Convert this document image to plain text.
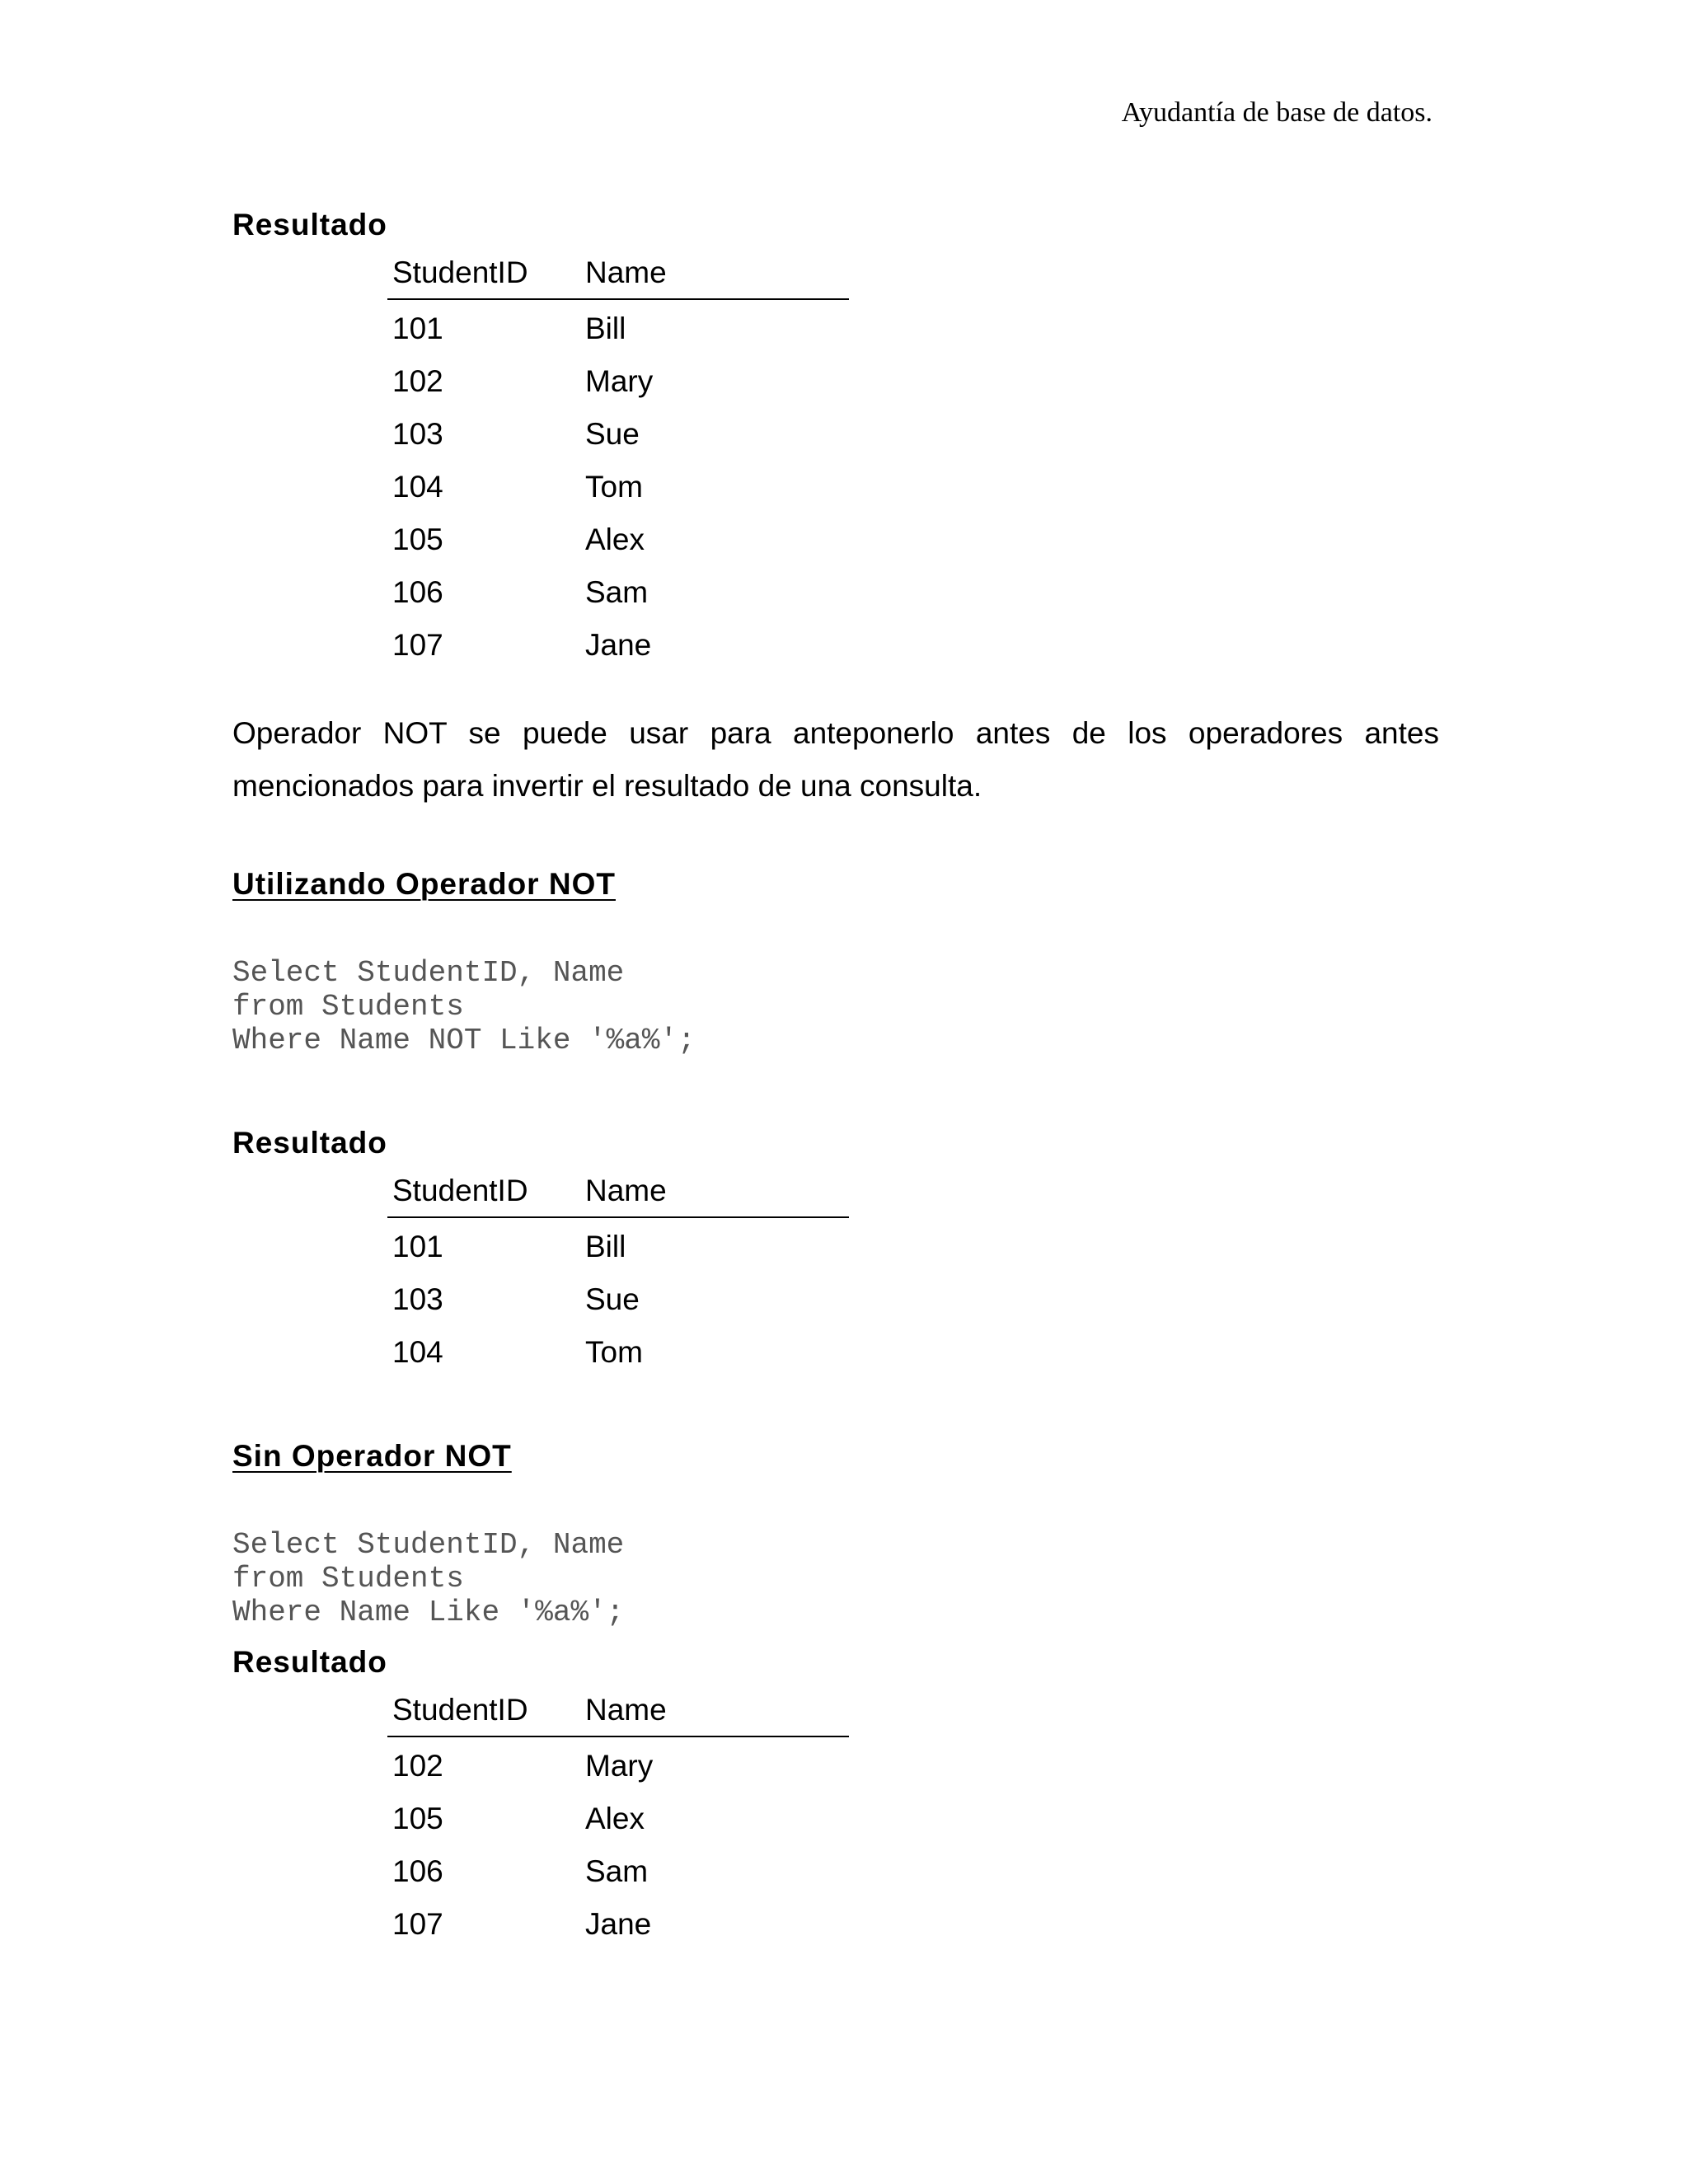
Ayudantía de base de datos.
Resultado
StudentID Name
101	Bill
102	Mary
103	Sue
104	Tom
105	Alex
106	Sam
107	Jane
Operador NOT se puede usar para anteponerlo antes de los operadores antes mencionados para invertir el resultado de una consulta.
Utilizando Operador NOT
Select StudentID, Name
from Students
Where Name NOT Like '%a%';
Resultado
StudentID Name
101	Bill
103	Sue
104	Tom
Sin Operador NOT
Select StudentID, Name
from Students
Where Name Like '%a%';
Resultado
StudentID Name
102	Mary
105	Alex
106	Sam
107	Jane
